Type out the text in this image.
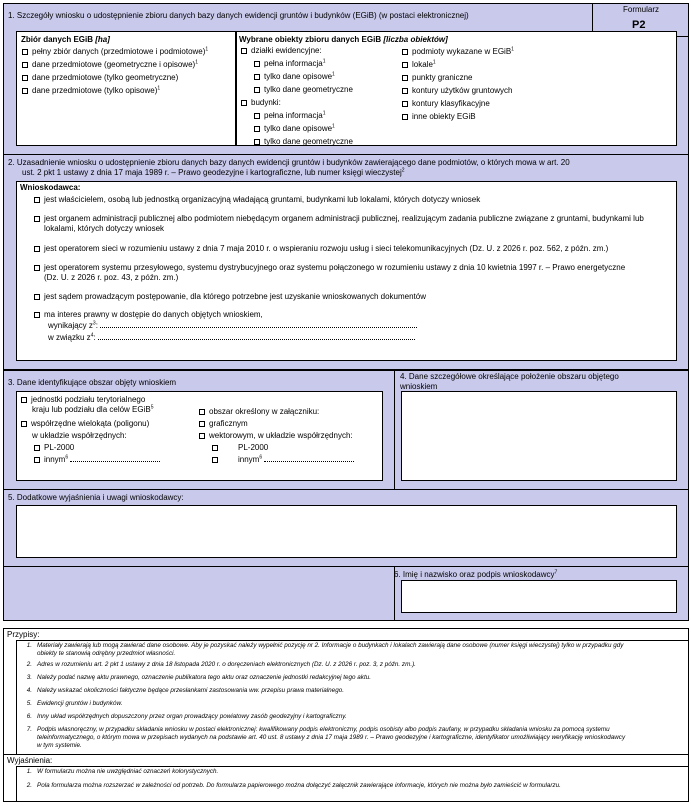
1. Szczegóły wniosku o udostępnienie zbioru danych bazy danych ewidencji gruntów i budynków (EGiB) (w postaci elektronicznej)
Formularz
P2
Zbiór danych EGiB [ha]
pełny zbiór danych (przedmiotowe i podmiotowe)$^1$
dane przedmiotowe (geometryczne i opisowe)$^1$
dane przedmiotowe (tylko geometryczne)
dane przedmiotowe (tylko opisowe)$^1$
Wybrane obiekty zbioru danych EGiB [liczba obiektów]
działki ewidencyjne:
pełna informacja$^1$
tylko dane opisowe$^1$
tylko dane geometryczne
budynki:
pełna informacja$^1$
tylko dane opisowe$^1$
tylko dane geometryczne
podmioty wykazane w EGiB$^1$
lokale$^1$
punkty graniczne
kontury użytków gruntowych
kontury klasyfikacyjne
inne obiekty EGiB
2. Uzasadnienie wniosku o udostępnienie zbioru danych bazy danych ewidencji gruntów i budynków zawierającego dane podmiotów, o których mowa w art. 20
ust. 2 pkt 1 ustawy z dnia 17 maja 1989 r. – Prawo geodezyjne i kartograficzne, lub numer księgi wieczystej$^2$
Wnioskodawca:
jest właścicielem, osobą lub jednostką organizacyjną władającą gruntami, budynkami lub lokalami, których dotyczy wniosek
jest organem administracji publicznej albo podmiotem niebędącym organem administracji publicznej, realizującym zadania publiczne związane z gruntami, budynkami lub
lokalami, których dotyczy wniosek
jest operatorem sieci w rozumieniu ustawy z dnia 7 maja 2010 r. o wspieraniu rozwoju usług i sieci telekomunikacyjnych (Dz. U. z 2026 r. poz. 562, z późn. zm.)
jest operatorem systemu przesyłowego, systemu dystrybucyjnego oraz systemu połączonego w rozumieniu ustawy z dnia 10 kwietnia 1997 r. – Prawo energetyczne
(Dz. U. z 2026 r. poz. 43, z późn. zm.)
jest sądem prowadzącym postępowanie, dla którego potrzebne jest uzyskanie wnioskowanych dokumentów
ma interes prawny w dostępie do danych objętych wnioskiem,
wynikający $z^3$:
w związku $z^4$:
3. Dane identyfikujące obszar objęty wnioskiem
4. Dane szczegółowe określające położenie obszaru objętego
wnioskiem
jednostki podziału terytorialnego
kraju lub podziału dla celów EGiB$^5$
współrzędne wielokąta (poligonu)
w układzie współrzędnych:
PL-2000
innym$^6$
obszar określony w załączniku:
graficznym
wektorowym, w układzie współrzędnych:
PL-2000
innym$^6$
5. Dodatkowe wyjaśnienia i uwagi wnioskodawcy:
6. Imię i nazwisko oraz podpis wnioskodawcy$^7$
Przypisy:
1. Materiały zawierają lub mogą zawierać dane osobowe. Aby je pozyskać należy wypełnić pozycję nr 2. Informacje o budynkach i lokalach zawierają dane osobowe (numer księgi wieczystej) tylko w przypadku gdy
obiekty te stanowią odrębny przedmiot własności.
2. Adres w rozumieniu art. 2 pkt 1 ustawy z dnia 18 listopada 2020 r. o doręczeniach elektronicznych (Dz. U. z 2026 r. poz. 3, z późn. zm.).
3. Należy podać nazwę aktu prawnego, oznaczenie publikatora tego aktu oraz oznaczenie jednostki redakcyjnej tego aktu.
4. Należy wskazać okoliczności faktyczne będące przesłankami zastosowania ww. przepisu prawa materialnego.
5. Ewidencji gruntów i budynków.
6. Inny układ współrzędnych dopuszczony przez organ prowadzący powiatowy zasób geodezyjny i kartograficzny.
7. Podpis własnoręczny, w przypadku składania wniosku w postaci elektronicznej: kwalifikowany podpis elektroniczny, podpis osobisty albo podpis zaufany, w przypadku składania wniosku za pomocą systemu
teleinformatycznego, o którym mowa w przepisach wydanych na podstawie art. 40 ust. 8 ustawy z dnia 17 maja 1989 r. – Prawo geodezyjne i kartograficzne, identyfikator umożliwiający weryfikację wnioskodawcy
w tym systemie.
Wyjaśnienia:
1. W formularzu można nie uwzględniać oznaczeń kolorystycznych.
2. Pola formularza można rozszerzać w zależności od potrzeb. Do formularza papierowego można dołączyć załącznik zawierające informacje, których nie można było zamieścić w formularzu.
